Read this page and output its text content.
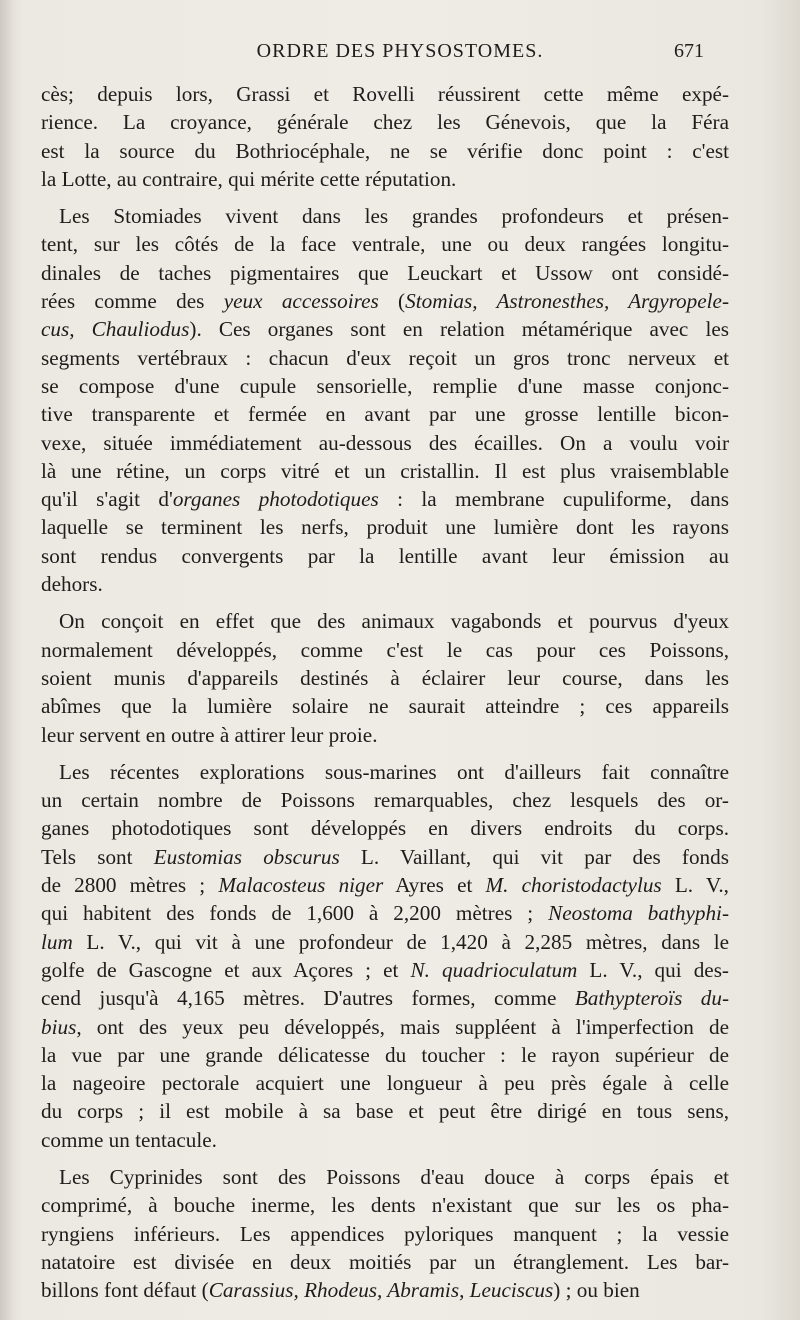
ORDRE DES PHYSOSTOMES.	671

cès; depuis lors, Grassi et Rovelli réussirent cette même expé-
rience. La croyance, générale chez les Génevois, que la Féra
est la source du Bothriocéphale, ne se vérifie donc point : c'est
la Lotte, au contraire, qui mérite cette réputation.

Les Stomiades vivent dans les grandes profondeurs et présen-
tent, sur les côtés de la face ventrale, une ou deux rangées longitu-
dinales de taches pigmentaires que Leuckart et Ussow ont considé-
rées comme des yeux accessoires (Stomias, Astronesthes, Argyropele-
cus, Chauliodus). Ces organes sont en relation métamérique avec les
segments vertébraux : chacun d'eux reçoit un gros tronc nerveux et
se compose d'une cupule sensorielle, remplie d'une masse conjonc-
tive transparente et fermée en avant par une grosse lentille bicon-
vexe, située immédiatement au-dessous des écailles. On a voulu voir
là une rétine, un corps vitré et un cristallin. Il est plus vraisemblable
qu'il s'agit d'organes photodotiques : la membrane cupuliforme, dans
laquelle se terminent les nerfs, produit une lumière dont les rayons
sont rendus convergents par la lentille avant leur émission au
dehors.

On conçoit en effet que des animaux vagabonds et pourvus d'yeux
normalement développés, comme c'est le cas pour ces Poissons,
soient munis d'appareils destinés à éclairer leur course, dans les
abîmes que la lumière solaire ne saurait atteindre ; ces appareils
leur servent en outre à attirer leur proie.

Les récentes explorations sous-marines ont d'ailleurs fait connaître
un certain nombre de Poissons remarquables, chez lesquels des or-
ganes photodotiques sont développés en divers endroits du corps.
Tels sont Eustomias obscurus L. Vaillant, qui vit par des fonds
de 2800 mètres ; Malacosteus niger Ayres et M. choristodactylus L. V.,
qui habitent des fonds de 1,600 à 2,200 mètres ; Neostoma bathyphi-
lum L. V., qui vit à une profondeur de 1,420 à 2,285 mètres, dans le
golfe de Gascogne et aux Açores ; et N. quadrioculatum L. V., qui des-
cend jusqu'à 4,165 mètres. D'autres formes, comme Bathypteroïs du-
bius, ont des yeux peu développés, mais suppléent à l'imperfection de
la vue par une grande délicatesse du toucher : le rayon supérieur de
la nageoire pectorale acquiert une longueur à peu près égale à celle
du corps ; il est mobile à sa base et peut être dirigé en tous sens,
comme un tentacule.

Les Cyprinides sont des Poissons d'eau douce à corps épais et
comprimé, à bouche inerme, les dents n'existant que sur les os pha-
ryngiens inférieurs. Les appendices pyloriques manquent ; la vessie
natatoire est divisée en deux moitiés par un étranglement. Les bar-
billons font défaut (Carassius, Rhodeus, Abramis, Leuciscus) ; ou bien
